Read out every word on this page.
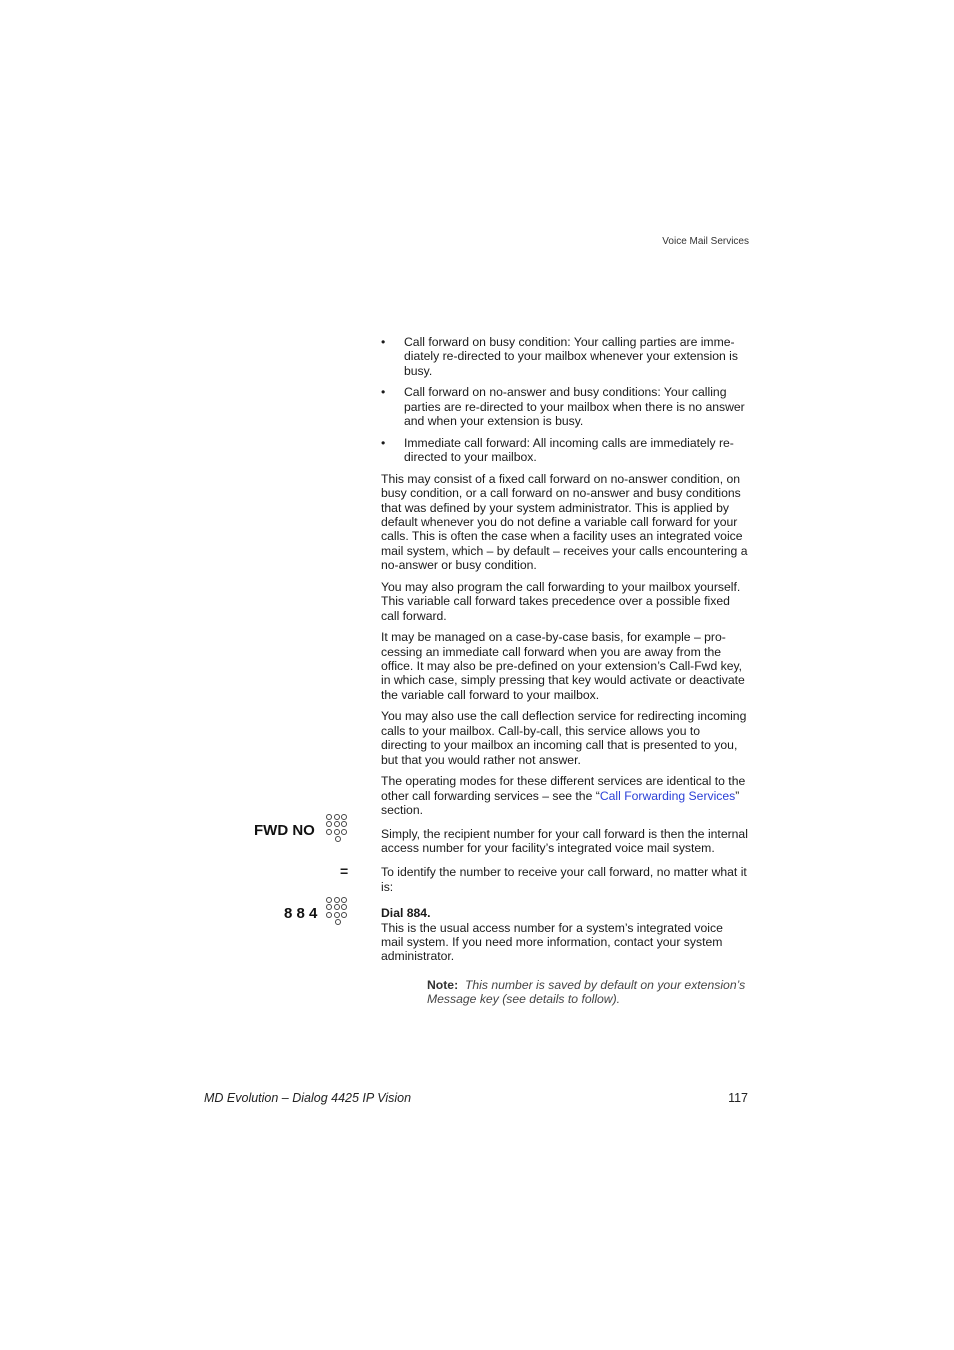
Voice Mail Services
• Call forward on busy condition: Your calling parties are imme-diately re-directed to your mailbox whenever your extension is busy.
• Call forward on no-answer and busy conditions: Your calling parties are re-directed to your mailbox when there is no answer and when your extension is busy.
• Immediate call forward: All incoming calls are immediately re-directed to your mailbox.

This may consist of a fixed call forward on no-answer condition, on busy condition, or a call forward on no-answer and busy conditions that was defined by your system administrator. This is applied by default whenever you do not define a variable call forward for your calls. This is often the case when a facility uses an integrated voice mail system, which – by default – receives your calls encountering a no-answer or busy condition.

You may also program the call forwarding to your mailbox yourself. This variable call forward takes precedence over a possible fixed call forward.

It may be managed on a case-by-case basis, for example – pro-cessing an immediate call forward when you are away from the office. It may also be pre-defined on your extension’s Call-Fwd key, in which case, simply pressing that key would activate or deactivate the variable call forward to your mailbox.

You may also use the call deflection service for redirecting incoming calls to your mailbox. Call-by-call, this service allows you to directing to your mailbox an incoming call that is presented to you, but that you would rather not answer.

The operating modes for these different services are identical to the other call forwarding services – see the “Call Forwarding Services” section.

Simply, the recipient number for your call forward is then the internal access number for your facility’s integrated voice mail system.

To identify the number to receive your call forward, no matter what it is:

Dial 884.
This is the usual access number for a system’s integrated voice mail system. If you need more information, contact your system administrator.
Note: This number is saved by default on your extension’s Message key (see details to follow).
FWD NO
=
8 8 4
MD Evolution – Dialog 4425 IP Vision	117
